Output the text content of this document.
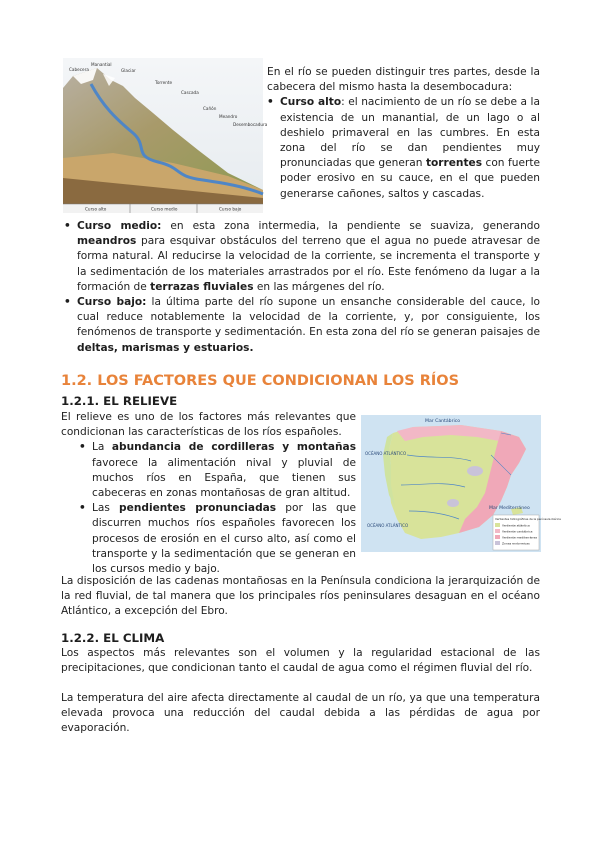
Cabecera
Manantial
Glaciar
Torrente
Cascada
Cañón
Meandro
Desembocadura
Curso alto	Curso medio	Curso bajo
En el río se pueden distinguir tres partes, desde la cabecera del mismo hasta la desembocadura:
• Curso alto: el nacimiento de un río se debe a la existencia de un manantial, de un lago o al deshielo primaveral en las cumbres. En esta zona del río se dan pendientes muy pronunciadas que generan torrentes con fuerte poder erosivo en su cauce, en el que pueden generarse cañones, saltos y cascadas.
• Curso medio: en esta zona intermedia, la pendiente se suaviza, generando meandros para esquivar obstáculos del terreno que el agua no puede atravesar de forma natural. Al reducirse la velocidad de la corriente, se incrementa el transporte y la sedimentación de los materiales arrastrados por el río. Este fenómeno da lugar a la formación de terrazas fluviales en las márgenes del río.
• Curso bajo: la última parte del río supone un ensanche considerable del cauce, lo cual reduce notablemente la velocidad de la corriente, y, por consiguiente, los fenómenos de transporte y sedimentación. En esta zona del río se generan paisajes de deltas, marismas y estuarios.
1.2. LOS FACTORES QUE CONDICIONAN LOS RÍOS
1.2.1. EL RELIEVE
El relieve es uno de los factores más relevantes que condicionan las características de los ríos españoles.
• La abundancia de cordilleras y montañas favorece la alimentación nival y pluvial de muchos ríos en España, que tienen sus cabeceras en zonas montañosas de gran altitud.
• Las pendientes pronunciadas por las que discurren muchos ríos españoles favorecen los procesos de erosión en el curso alto, así como el transporte y la sedimentación que se generan en los cursos medio y bajo.
Mar Cantábrico
OCÉANO ATLÁNTICO
OCÉANO ATLÁNTICO
Mar Mediterráneo
Vertientes hidrográficas de la península ibérica
Vertiente atlántica
Vertiente cantábrica
Vertiente mediterránea
Zonas endorreicas
La disposición de las cadenas montañosas en la Península condiciona la jerarquización de la red fluvial, de tal manera que los principales ríos peninsulares desaguan en el océano Atlántico, a excepción del Ebro.
1.2.2. EL CLIMA
Los aspectos más relevantes son el volumen y la regularidad estacional de las precipitaciones, que condicionan tanto el caudal de agua como el régimen fluvial del río.
La temperatura del aire afecta directamente al caudal de un río, ya que una temperatura elevada provoca una reducción del caudal debida a las pérdidas de agua por evaporación.
